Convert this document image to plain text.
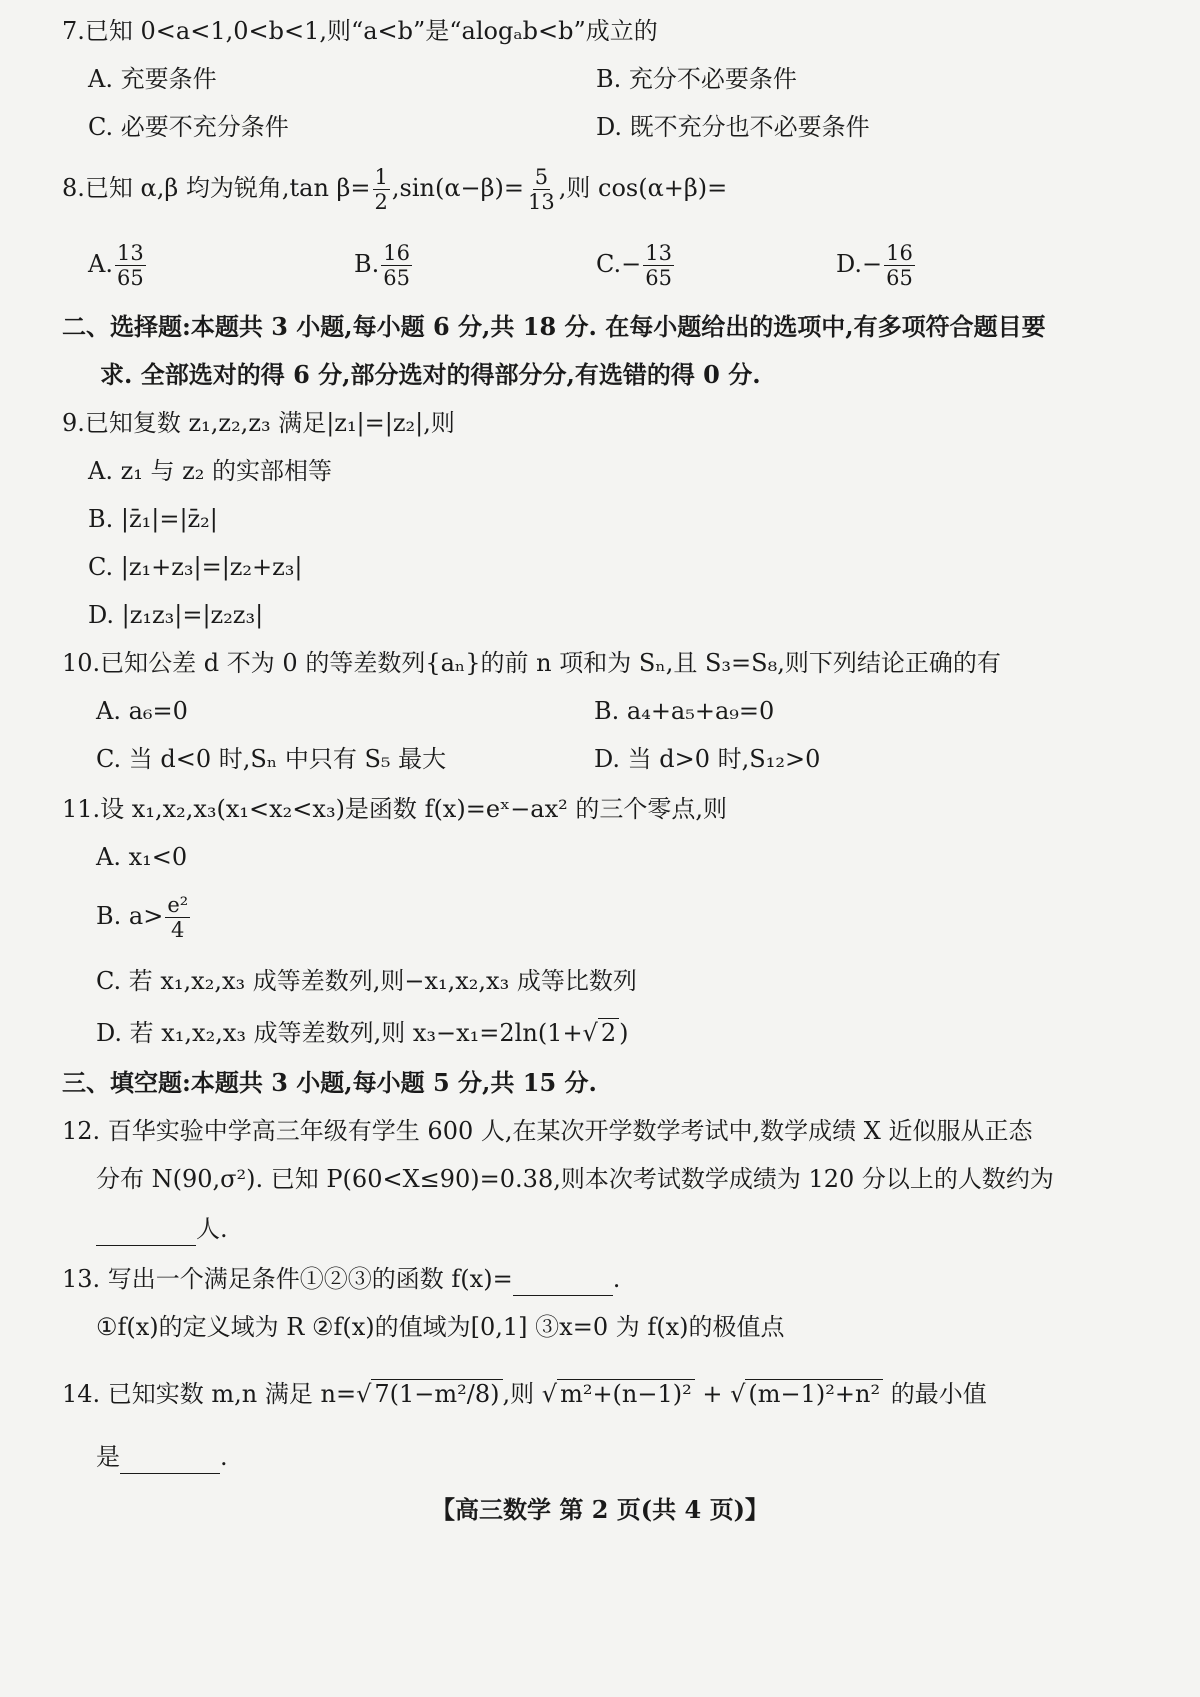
7.已知 0<a<1,0<b<1,则“a<b”是“alogₐb<b”成立的
A. 充要条件	B. 充分不必要条件
C. 必要不充分条件	D. 既不充分也不必要条件
8.已知 α,β 均为锐角,tan $\beta= \frac{1}{2} ,\sin(\alpha-\beta)= \frac{5}{13}$ ,则 cos(α+β)=
A. $\frac{13}{65}$	B. $\frac{16}{65}$	$C.- \frac{13}{65}$	$D.- \frac{16}{65}$
二、选择题:本题共 3 小题,每小题 6 分,共 18 分. 在每小题给出的选项中,有多项符合题目要
求. 全部选对的得 6 分,部分选对的得部分分,有选错的得 0 分.
9.已知复数 z₁,z₂,z₃ 满足|z₁|=|z₂|,则
A. z₁ 与 z₂ 的实部相等
B. |z̄₁|=|z̄₂|
C. |z₁+z₃|=|z₂+z₃|
D. |z₁z₃|=|z₂z₃|
10.已知公差 d 不为 0 的等差数列{aₙ}的前 n 项和为 Sₙ,且 S₃=S₈,则下列结论正确的有
A. a₆=0	B. a₄+a₅+a₉=0
C. 当 d<0 时,Sₙ 中只有 S₅ 最大	D. 当 d>0 时,S₁₂>0
11.设 x₁,x₂,x₃(x₁<x₂<x₃)是函数 f(x)=eˣ−ax² 的三个零点,则
A. x₁<0
B. $a> \frac{\text{e²}}{4}$
C. 若 x₁,x₂,x₃ 成等差数列,则−x₁,x₂,x₃ 成等比数列
D. 若 x₁,x₂,x₃ 成等差数列,则 x₃−x₁=2ln(1+√ 2 )
三、填空题:本题共 3 小题,每小题 5 分,共 15 分.
12. 百华实验中学高三年级有学生 600 人,在某次开学数学考试中,数学成绩 X 近似服从正态
分布 N(90,σ²). 已知 P(60<X≤90)=0.38,则本次考试数学成绩为 120 分以上的人数约为
人.
13. 写出一个满足条件①②③的函数 f(x)=	.
①f(x)的定义域为 R ②f(x)的值域为[0,1] ③x=0 为 f(x)的极值点
14. 已知实数 m,n 满足 n=√ 7(1−m²/8) ,则 √ m²+(n−1)² + √ (m−1)²+n² 的最小值
是	.
【高三数学 第 2 页(共 4 页)】
